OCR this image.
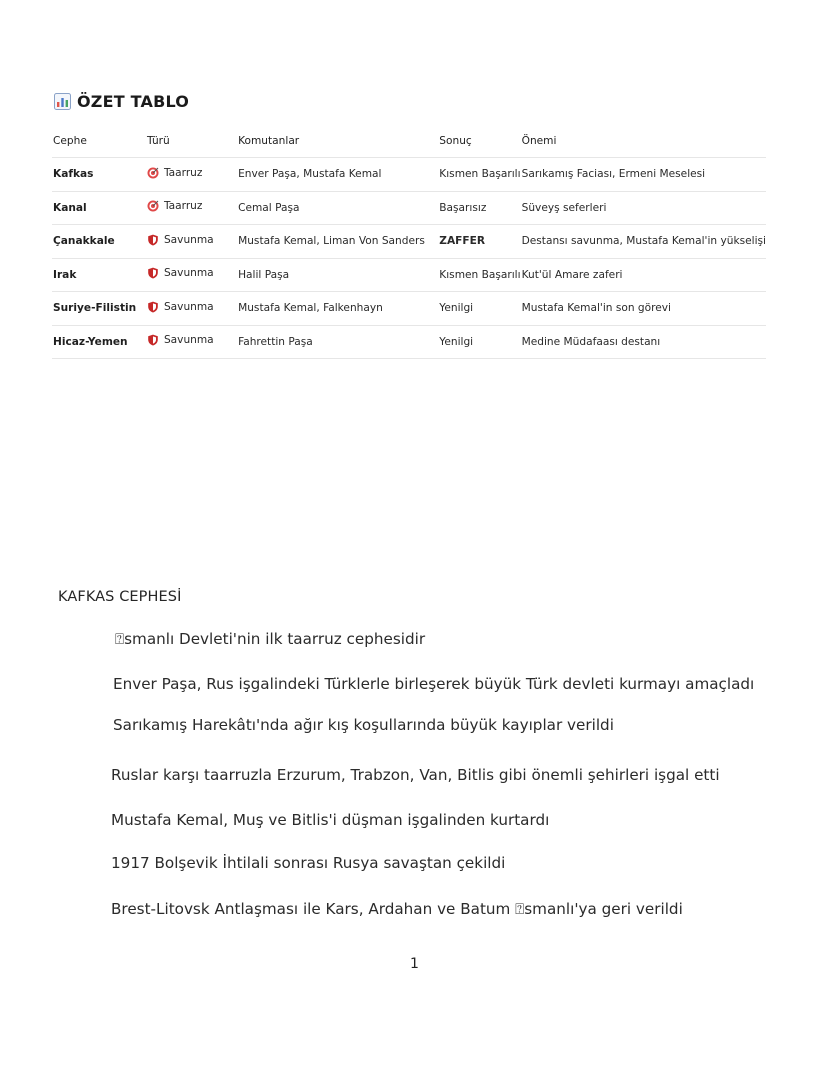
ÖZET TABLO
Cephe	Türü	Komutanlar	Sonuç	Önemi
Kafkas	Taarruz	Enver Paşa, Mustafa Kemal	Kısmen Başarılı	Sarıkamış Faciası, Ermeni Meselesi
Kanal	Taarruz	Cemal Paşa	Başarısız	Süveyş seferleri
Çanakkale	Savunma	Mustafa Kemal, Liman Von Sanders	ZAFFER	Destansı savunma, Mustafa Kemal'in yükselişi
Irak	Savunma	Halil Paşa	Kısmen Başarılı	Kut'ül Amare zaferi
Suriye-Filistin	Savunma	Mustafa Kemal, Falkenhayn	Yenilgi	Mustafa Kemal'in son görevi
Hicaz-Yemen	Savunma	Fahrettin Paşa	Yenilgi	Medine Müdafaası destanı
KAFKAS CEPHESİ
⍰smanlı Devleti'nin ilk taarruz cephesidir
Enver Paşa, Rus işgalindeki Türklerle birleşerek büyük Türk devleti kurmayı amaçladı
Sarıkamış Harekâtı'nda ağır kış koşullarında büyük kayıplar verildi
Ruslar karşı taarruzla Erzurum, Trabzon, Van, Bitlis gibi önemli şehirleri işgal etti
Mustafa Kemal, Muş ve Bitlis'i düşman işgalinden kurtardı
1917 Bolşevik İhtilali sonrası Rusya savaştan çekildi
Brest-Litovsk Antlaşması ile Kars, Ardahan ve Batum ⍰smanlı'ya geri verildi
1
